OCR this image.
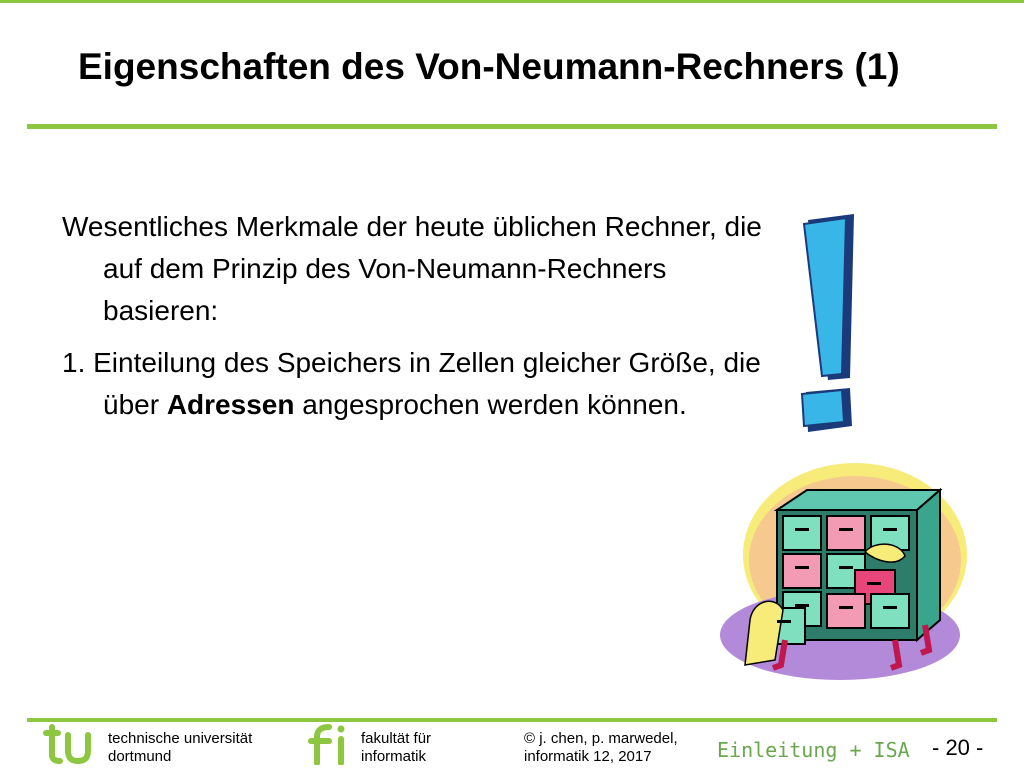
Eigenschaften des Von-Neumann-Rechners (1)

Wesentliches Merkmale der heute üblichen Rechner, die auf dem Prinzip des Von-Neumann-Rechners basieren:

1. Einteilung des Speichers in Zellen gleicher Größe, die über Adressen angesprochen werden können.

technische universität
dortmund
fakultät für
informatik
© j. chen, p. marwedel,
informatik 12, 2017	Einleitung + ISA - 20 -
